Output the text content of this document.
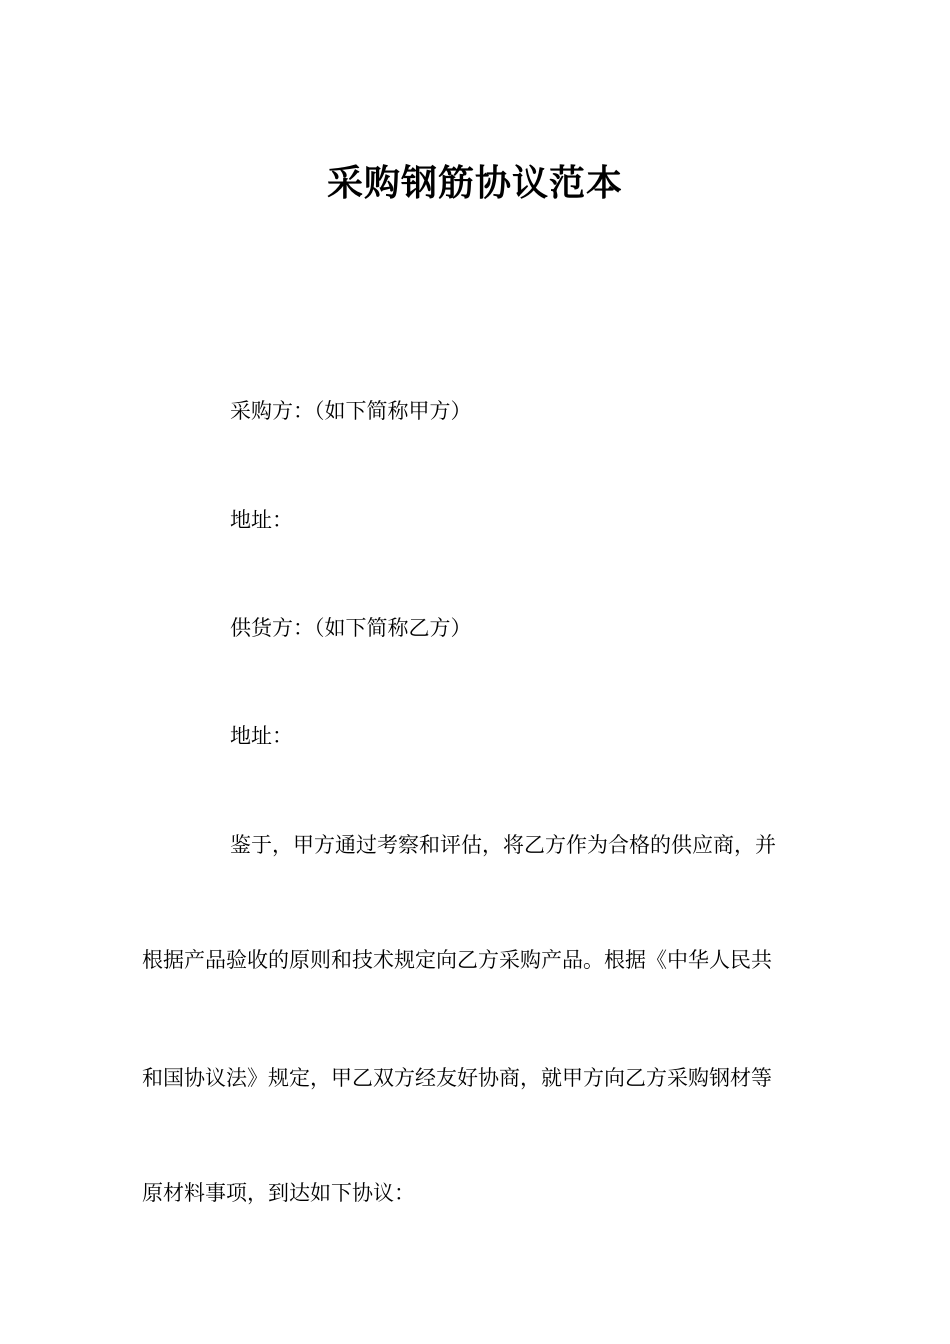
采购钢筋协议范本

采购方：（如下简称甲方）

地址：

供货方：（如下简称乙方）

地址：

鉴于，甲方通过考察和评估，将乙方作为合格的供应商，并

根据产品验收的原则和技术规定向乙方采购产品。根据《中华人民共

和国协议法》规定，甲乙双方经友好协商，就甲方向乙方采购钢材等

原材料事项，到达如下协议：
